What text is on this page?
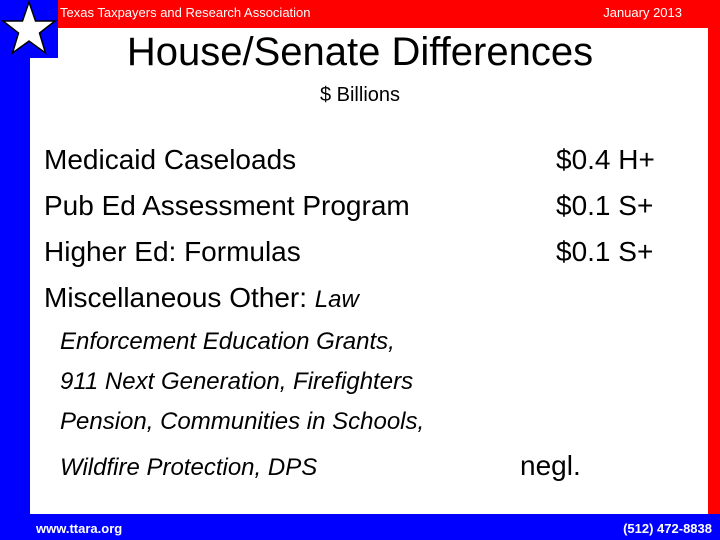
Texas Taxpayers and Research Association	January 2013
House/Senate Differences
$ Billions
Medicaid Caseloads	$0.4 H+
Pub Ed Assessment Program	$0.1 S+
Higher Ed: Formulas	$0.1 S+
Miscellaneous Other: Law
Enforcement Education Grants,
911 Next Generation, Firefighters
Pension, Communities in Schools,
Wildfire Protection, DPS	negl.
www.ttara.org	(512) 472-8838
